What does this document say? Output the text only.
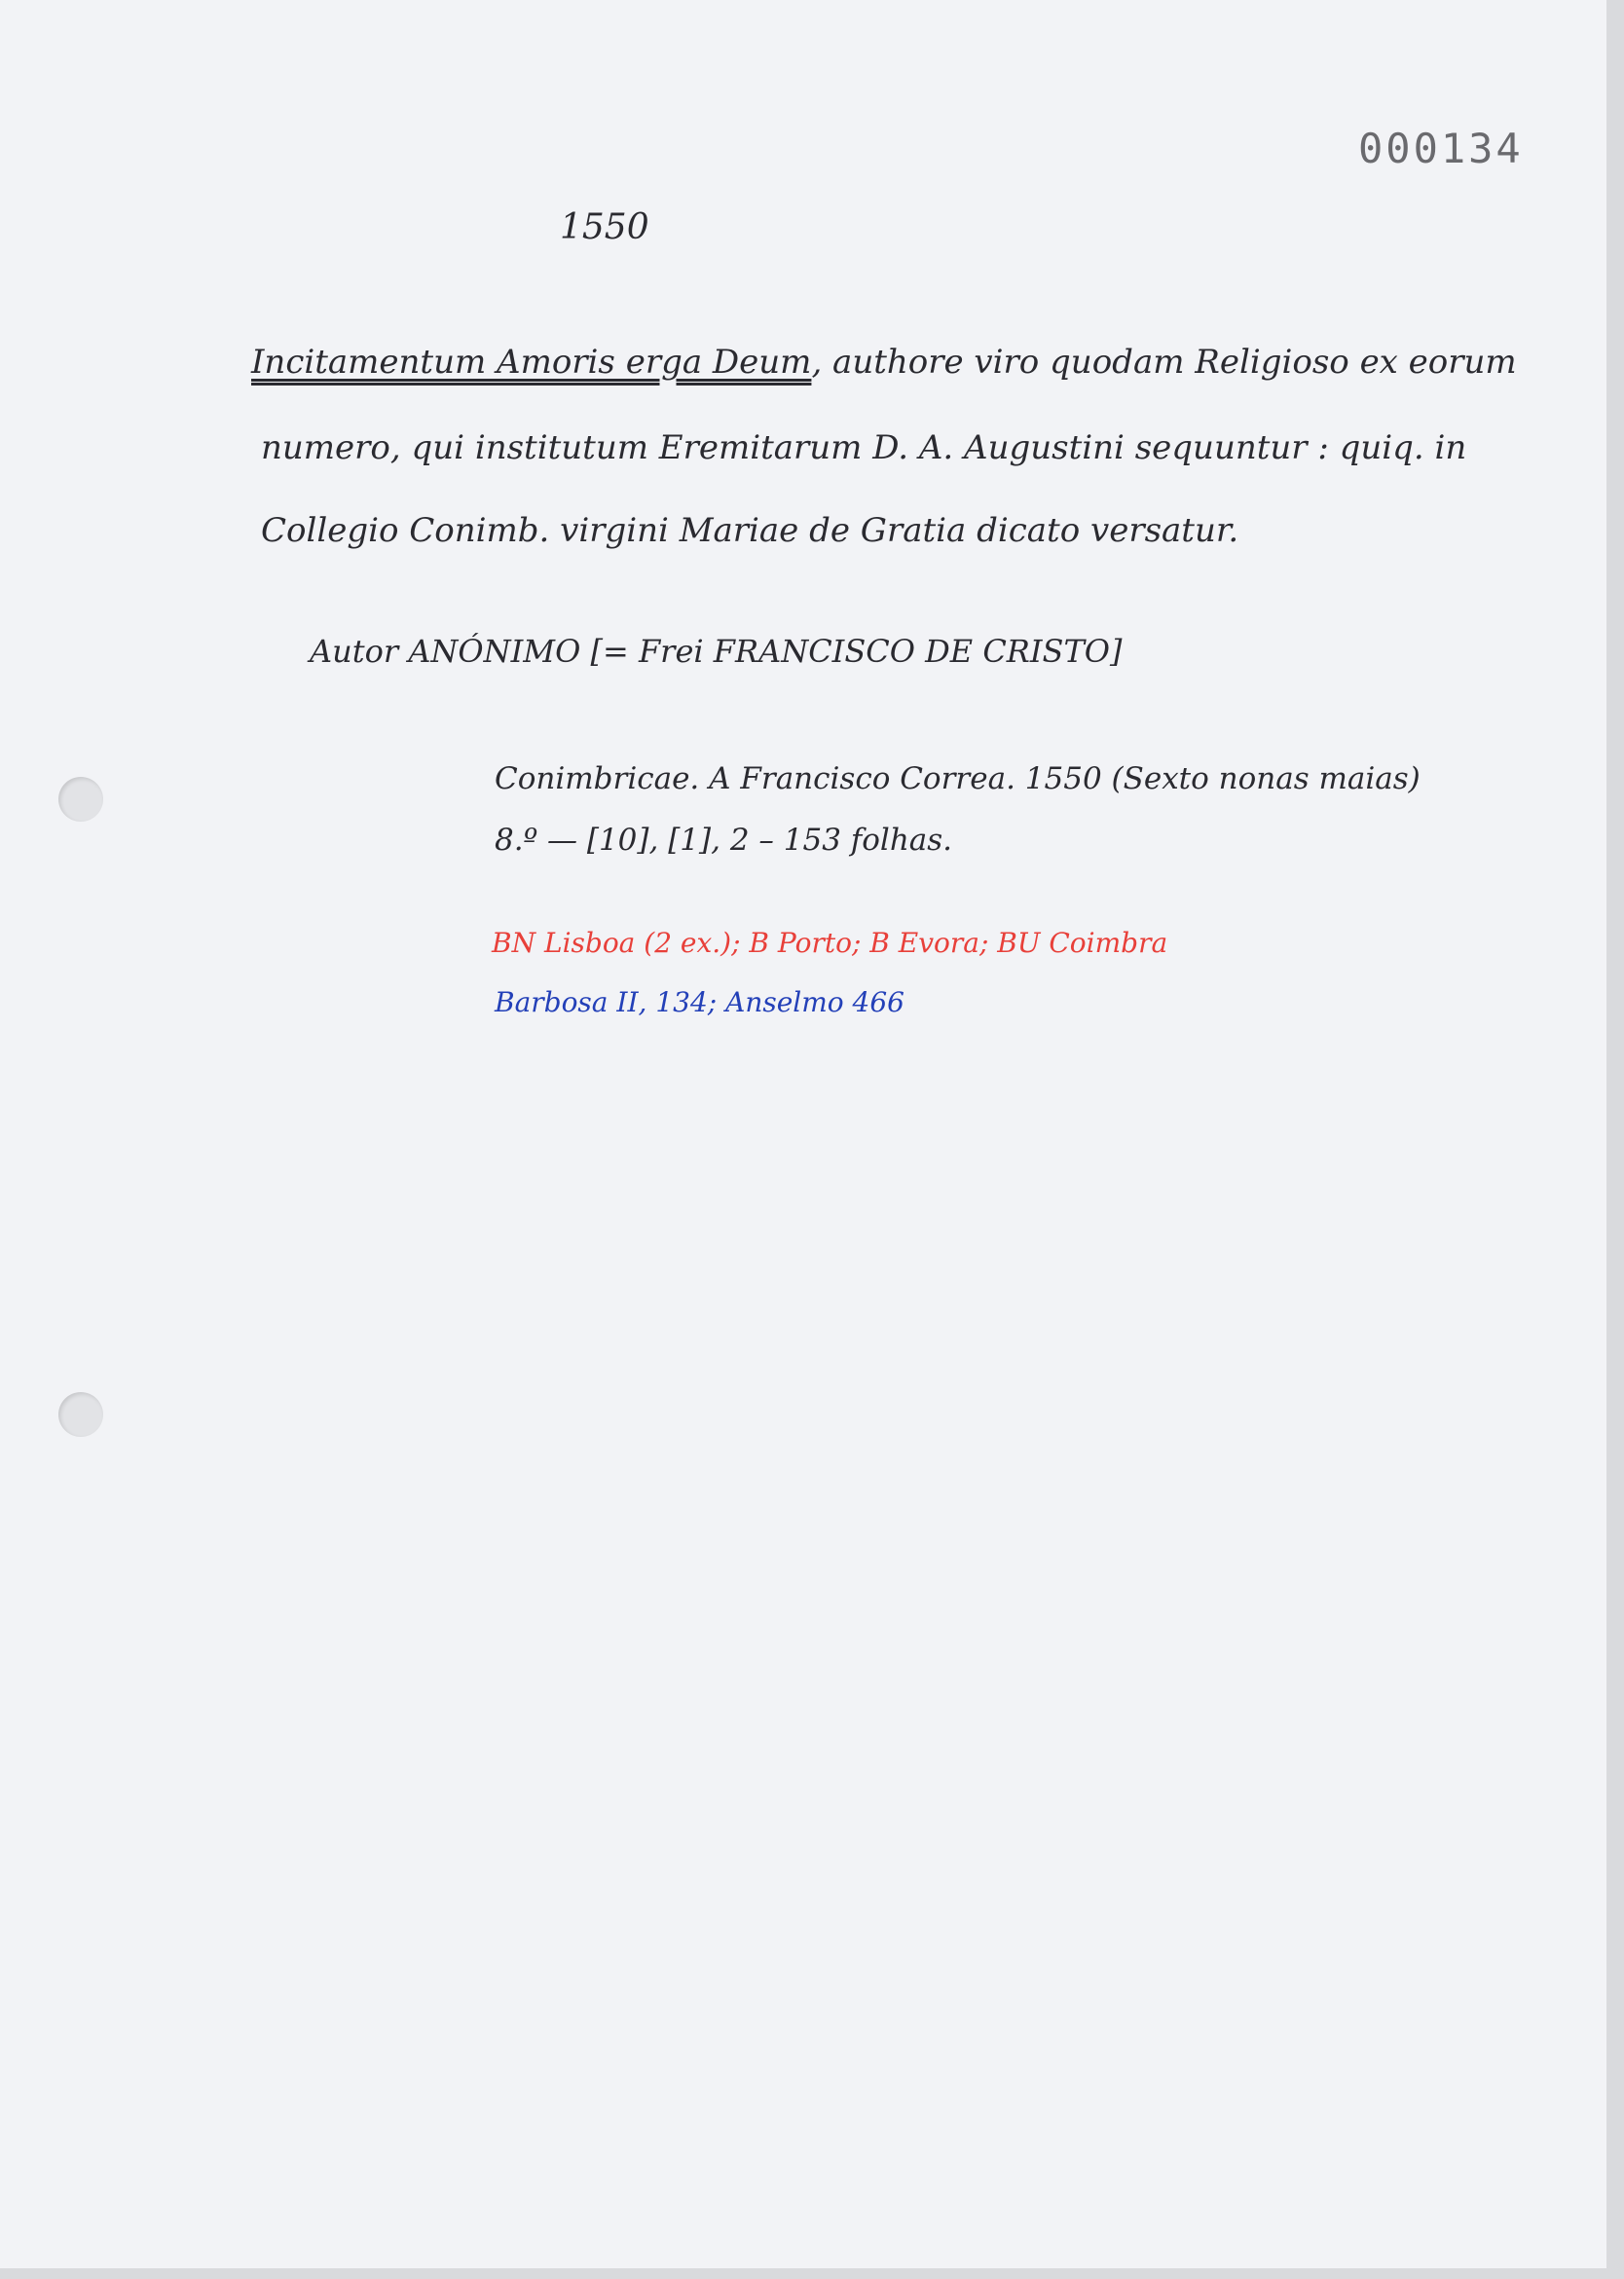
000134

1550

Incitamentum Amoris erga Deum, authore viro quodam Religioso ex eorum

numero, qui institutum Eremitarum D. A. Augustini sequuntur : quiq. in

Collegio Conimb. virgini Mariae de Gratia dicato versatur.

Autor ANÓNIMO [= Frei FRANCISCO DE CRISTO]

Conimbricae. A Francisco Correa. 1550 (Sexto nonas maias)

8.º — [10], [1], 2 – 153 folhas.

BN Lisboa (2 ex.); B Porto; B Evora; BU Coimbra

Barbosa II, 134; Anselmo 466
